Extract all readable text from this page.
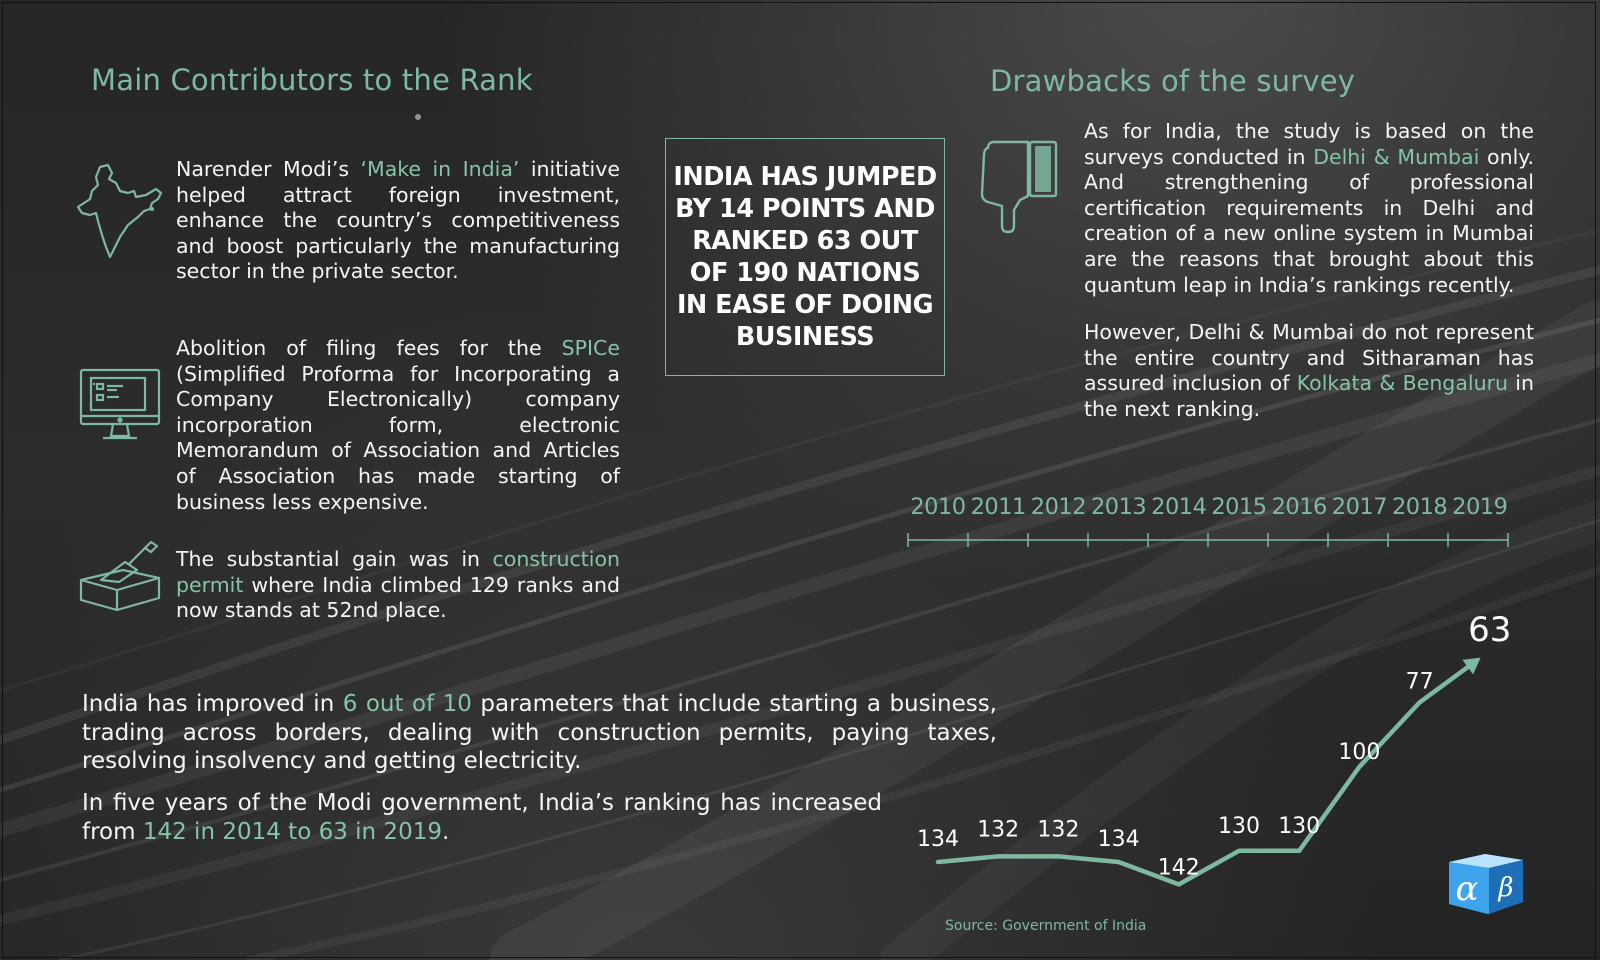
Main Contributors to the Rank

Narender Modi’s ‘Make in India’ initiative helped attract foreign investment, enhance the country’s competitiveness and boost particularly the manufacturing sector in the private sector.

Abolition of filing fees for the SPICe (Simplified Proforma for Incorporating a Company Electronically) company incorporation form, electronic Memorandum of Association and Articles of Association has made starting of business less expensive.

The substantial gain was in construction permit where India climbed 129 ranks and now stands at 52nd place.

INDIA HAS JUMPED BY 14 POINTS AND RANKED 63 OUT OF 190 NATIONS IN EASE OF DOING BUSINESS
Drawbacks of the survey

As for India, the study is based on the surveys conducted in Delhi & Mumbai only. And strengthening of professional certification requirements in Delhi and creation of a new online system in Mumbai are the reasons that brought about this quantum leap in India’s rankings recently.

However, Delhi & Mumbai do not represent the entire country and Sitharaman has assured inclusion of Kolkata & Bengaluru in the next ranking.

India has improved in 6 out of 10 parameters that include starting a business, trading across borders, dealing with construction permits, paying taxes, resolving insolvency and getting electricity.

In five years of the Modi government, India’s ranking has increased from 142 in 2014 to 63 in 2019.

2010 2011 2012 2013 2014 2015 2016 2017 2018 2019
134 132 132 134
142
130 130
100
77
63
Source: Government of India
α β
